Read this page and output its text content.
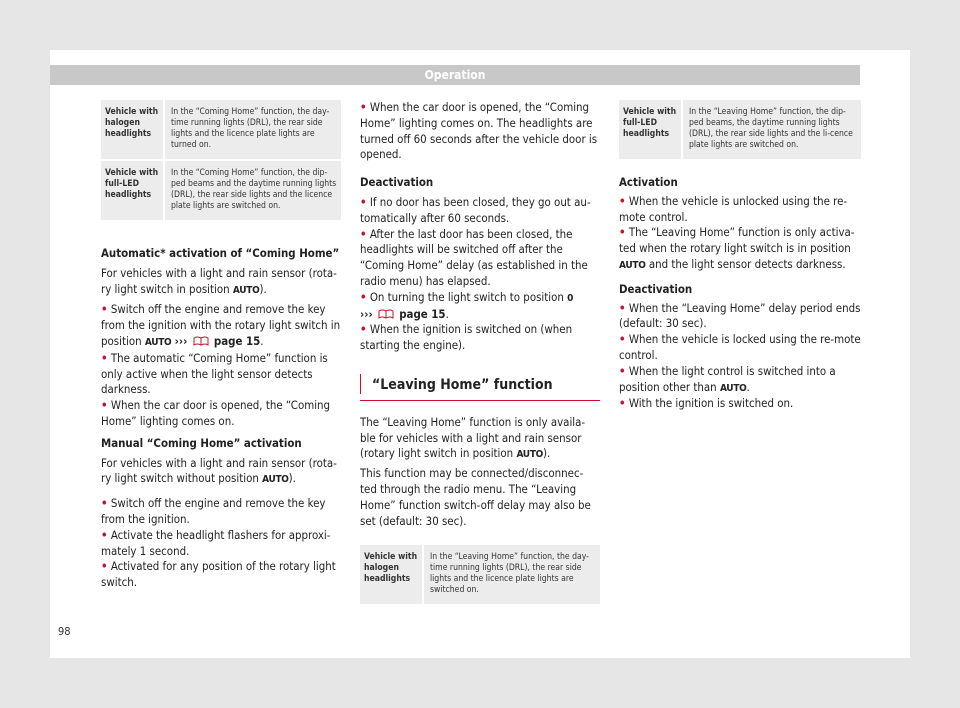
Operation
Vehicle with halogen headlights	In the “Coming Home” function, the day-time running lights (DRL), the rear side lights and the licence plate lights are turned on.
Vehicle with full-LED headlights	In the “Coming Home” function, the dip-ped beams and the daytime running lights (DRL), the rear side lights and the licence plate lights are switched on.

Automatic* activation of “Coming Home”

For vehicles with a light and rain sensor (rota-ry light switch in position AUTO).

• Switch off the engine and remove the key from the ignition with the rotary light switch in position AUTO ››› page 15.

• The automatic “Coming Home” function is only active when the light sensor detects darkness.

• When the car door is opened, the “Coming Home” lighting comes on.

Manual “Coming Home” activation

For vehicles with a light and rain sensor (rota-ry light switch without position AUTO).

• Switch off the engine and remove the key from the ignition.

• Activate the headlight flashers for approxi-mately 1 second.

• Activated for any position of the rotary light switch.

• When the car door is opened, the “Coming Home” lighting comes on. The headlights are turned off 60 seconds after the vehicle door is opened.

Deactivation

• If no door has been closed, they go out au-tomatically after 60 seconds.

• After the last door has been closed, the headlights will be switched off after the “Coming Home” delay (as established in the radio menu) has elapsed.

• On turning the light switch to position 0
››› page 15.

• When the ignition is switched on (when starting the engine).

“Leaving Home” function

The “Leaving Home” function is only availa-ble for vehicles with a light and rain sensor (rotary light switch in position AUTO).

This function may be connected/disconnec-ted through the radio menu. The “Leaving Home” function switch-off delay may also be set (default: 30 sec).

Vehicle with halogen headlights	In the “Leaving Home” function, the day-time running lights (DRL), the rear side lights and the licence plate lights are switched on.
Vehicle with full-LED headlights	In the “Leaving Home” function, the dip-ped beams, the daytime running lights (DRL), the rear side lights and the li-cence plate lights are switched on.

Activation

• When the vehicle is unlocked using the re-mote control.

• The “Leaving Home” function is only activa-ted when the rotary light switch is in position AUTO and the light sensor detects darkness.

Deactivation

• When the “Leaving Home” delay period ends (default: 30 sec).

• When the vehicle is locked using the re-mote control.

• When the light control is switched into a position other than AUTO.

• With the ignition is switched on.

98
